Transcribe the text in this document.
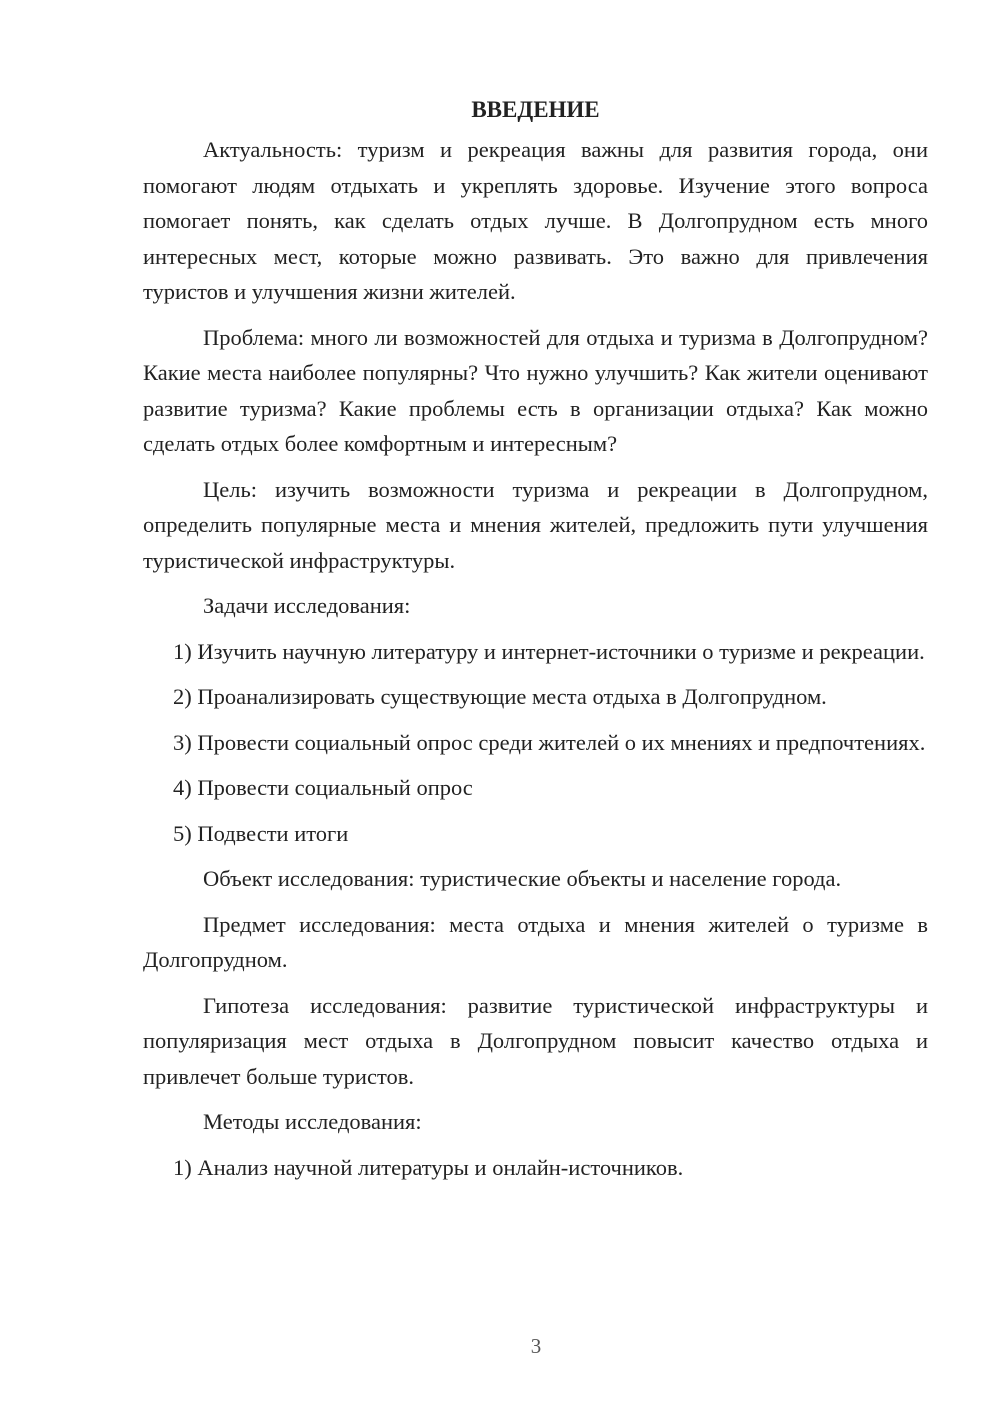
ВВЕДЕНИЕ

Актуальность: туризм и рекреация важны для развития города, они помогают людям отдыхать и укреплять здоровье. Изучение этого вопроса помогает понять, как сделать отдых лучше. В Долгопрудном есть много интересных мест, которые можно развивать. Это важно для привлечения туристов и улучшения жизни жителей.

Проблема: много ли возможностей для отдыха и туризма в Долгопрудном? Какие места наиболее популярны? Что нужно улучшить? Как жители оценивают развитие туризма? Какие проблемы есть в организации отдыха? Как можно сделать отдых более комфортным и интересным?

Цель: изучить возможности туризма и рекреации в Долгопрудном, определить популярные места и мнения жителей, предложить пути улучшения туристической инфраструктуры.

Задачи исследования:

1) Изучить научную литературу и интернет-источники о туризме и рекреации.

2) Проанализировать существующие места отдыха в Долгопрудном.

3) Провести социальный опрос среди жителей о их мнениях и предпочтениях.

4) Провести социальный опрос

5) Подвести итоги

Объект исследования: туристические объекты и население города.

Предмет исследования: места отдыха и мнения жителей о туризме в Долгопрудном.

Гипотеза исследования: развитие туристической инфраструктуры и популяризация мест отдыха в Долгопрудном повысит качество отдыха и привлечет больше туристов.

Методы исследования:

1) Анализ научной литературы и онлайн-источников.

3
